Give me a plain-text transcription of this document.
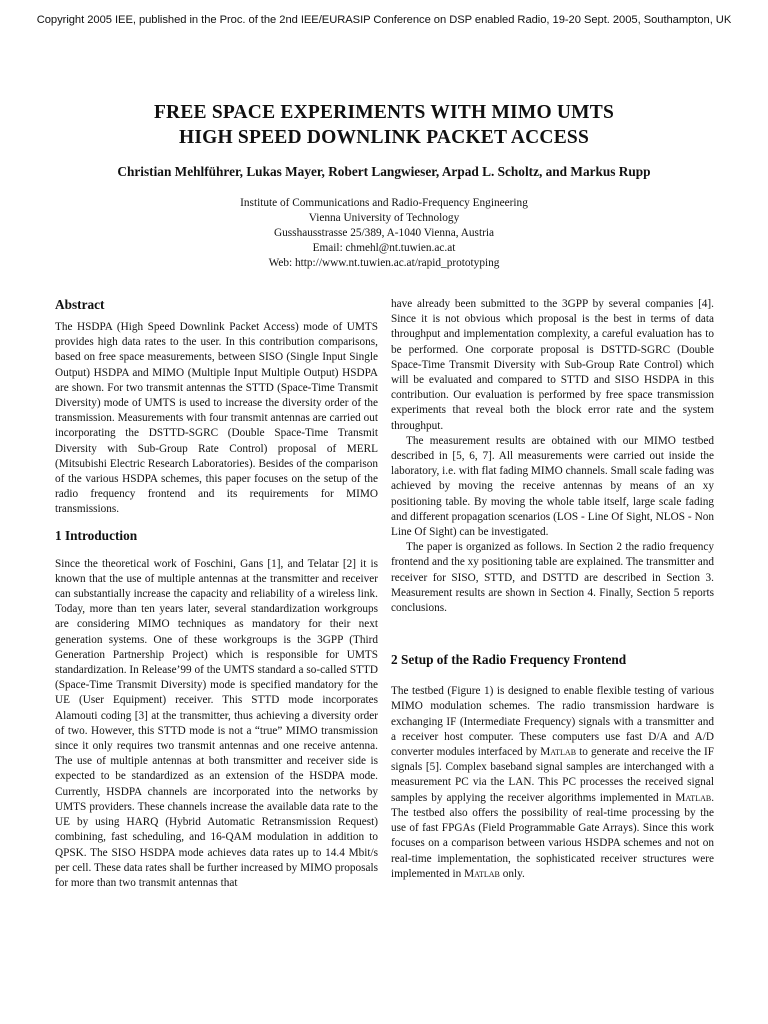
Copyright 2005 IEE, published in the Proc. of the 2nd IEE/EURASIP Conference on DSP enabled Radio, 19-20 Sept. 2005, Southampton, UK
FREE SPACE EXPERIMENTS WITH MIMO UMTS
HIGH SPEED DOWNLINK PACKET ACCESS
Christian Mehlführer, Lukas Mayer, Robert Langwieser, Arpad L. Scholtz, and Markus Rupp
Institute of Communications and Radio-Frequency Engineering
Vienna University of Technology
Gusshausstrasse 25/389, A-1040 Vienna, Austria
Email: chmehl@nt.tuwien.ac.at
Web: http://www.nt.tuwien.ac.at/rapid_prototyping
Abstract

The HSDPA (High Speed Downlink Packet Access) mode of UMTS provides high data rates to the user. In this contribution comparisons, based on free space measurements, between SISO (Single Input Single Output) HSDPA and MIMO (Multiple Input Multiple Output) HSDPA are shown. For two transmit antennas the STTD (Space-Time Transmit Diversity) mode of UMTS is used to increase the diversity order of the transmission. Measurements with four transmit antennas are carried out incorporating the DSTTD-SGRC (Double Space-Time Transmit Diversity with Sub-Group Rate Control) proposal of MERL (Mitsubishi Electric Research Laboratories). Besides of the comparison of the various HSDPA schemes, this paper focuses on the setup of the radio frequency frontend and its requirements for MIMO transmissions.

1 Introduction

Since the theoretical work of Foschini, Gans [1], and Telatar [2] it is known that the use of multiple antennas at the transmitter and receiver can substantially increase the capacity and reliability of a wireless link. Today, more than ten years later, several standardization workgroups are considering MIMO techniques as mandatory for their next generation systems. One of these workgroups is the 3GPP (Third Generation Partnership Project) which is responsible for UMTS standardization. In Release’99 of the UMTS standard a so-called STTD (Space-Time Transmit Diversity) mode is specified mandatory for the UE (User Equipment) receiver. This STTD mode incorporates Alamouti coding [3] at the transmitter, thus achieving a diversity order of two. However, this STTD mode is not a “true” MIMO transmission since it only requires two transmit antennas and one receive antenna. The use of multiple antennas at both transmitter and receiver side is expected to be standardized as an extension of the HSDPA mode. Currently, HSDPA channels are incorporated into the networks by UMTS providers. These channels increase the available data rate to the UE by using HARQ (Hybrid Automatic Retransmission Request) combining, fast scheduling, and 16-QAM modulation in addition to QPSK. The SISO HSDPA mode achieves data rates up to 14.4 Mbit/s per cell. These data rates shall be further increased by MIMO proposals for more than two transmit antennas that

have already been submitted to the 3GPP by several companies [4]. Since it is not obvious which proposal is the best in terms of data throughput and implementation complexity, a careful evaluation has to be performed. One corporate proposal is DSTTD-SGRC (Double Space-Time Transmit Diversity with Sub-Group Rate Control) which will be evaluated and compared to STTD and SISO HSDPA in this contribution. Our evaluation is performed by free space transmission experiments that reveal both the block error rate and the system throughput.

The measurement results are obtained with our MIMO testbed described in [5, 6, 7]. All measurements were carried out inside the laboratory, i.e. with flat fading MIMO channels. Small scale fading was achieved by moving the receive antennas by means of an xy positioning table. By moving the whole table itself, large scale fading and different propagation scenarios (LOS - Line Of Sight, NLOS - Non Line Of Sight) can be investigated.

The paper is organized as follows. In Section 2 the radio frequency frontend and the xy positioning table are explained. The transmitter and receiver for SISO, STTD, and DSTTD are described in Section 3. Measurement results are shown in Section 4. Finally, Section 5 reports conclusions.

2 Setup of the Radio Frequency Frontend

The testbed (Figure 1) is designed to enable flexible testing of various MIMO modulation schemes. The radio transmission hardware is exchanging IF (Intermediate Frequency) signals with a transmitter and a receiver host computer. These computers use fast D/A and A/D converter modules interfaced by Matlab to generate and receive the IF signals [5]. Complex baseband signal samples are interchanged with a measurement PC via the LAN. This PC processes the received signal samples by applying the receiver algorithms implemented in Matlab. The testbed also offers the possibility of real-time processing by the use of fast FPGAs (Field Programmable Gate Arrays). Since this work focuses on a comparison between various HSDPA schemes and not on real-time implementation, the sophisticated receiver structures were implemented in Matlab only.
